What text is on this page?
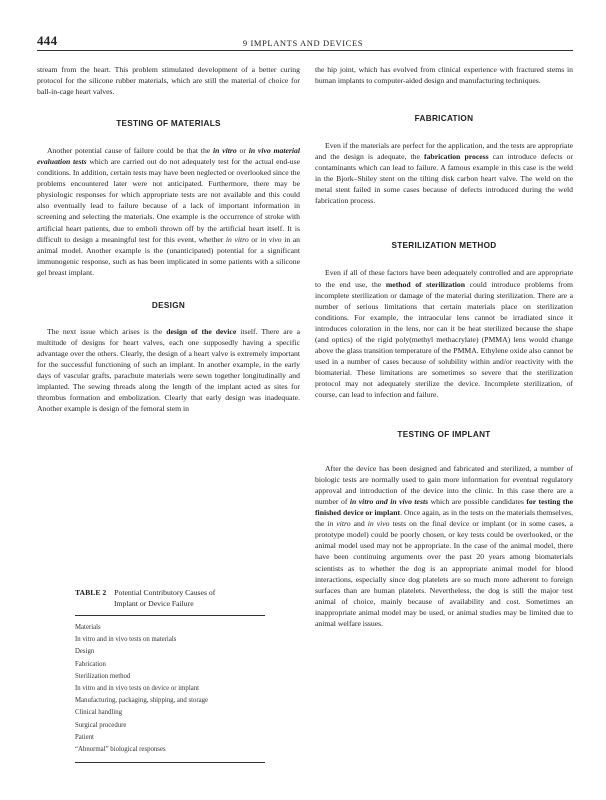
444	9 IMPLANTS AND DEVICES

stream from the heart. This problem stimulated development of a better curing protocol for the silicone rubber materials, which are still the material of choice for ball-in-cage heart valves.

TESTING OF MATERIALS

Another potential cause of failure could be that the in vitro or in vivo material evaluation tests which are carried out do not adequately test for the actual end-use conditions. In addition, certain tests may have been neglected or overlooked since the problems encountered later were not anticipated. Furthermore, there may be physiologic responses for which appropriate tests are not available and this could also eventually lead to failure because of a lack of important information in screening and selecting the materials. One example is the occurrence of stroke with artificial heart patients, due to emboli thrown off by the artificial heart itself. It is difficult to design a meaningful test for this event, whether in vitro or in vivo in an animal model. Another example is the (unanticipated) potential for a significant immunogenic response, such as has been implicated in some patients with a silicone gel breast implant.

DESIGN

The next issue which arises is the design of the device itself. There are a multitude of designs for heart valves, each one supposedly having a specific advantage over the others. Clearly, the design of a heart valve is extremely important for the successful functioning of such an implant. In another example, in the early days of vascular grafts, parachute materials were sewn together longitudinally and implanted. The sewing threads along the length of the implant acted as sites for thrombus formation and embolization. Clearly that early design was inadequate. Another example is design of the femoral stem in

TABLE 2 Potential Contributory Causes of
Implant or Device Failure
Materials
In vitro and in vivo tests on materials
Design
Fabrication
Sterilization method
In vitro and in vivo tests on device or implant
Manufacturing, packaging, shipping, and storage
Clinical handling
Surgical procedure
Patient
“Abnormal” biological responses

the hip joint, which has evolved from clinical experience with fractured stems in human implants to computer-aided design and manufacturing techniques.

FABRICATION

Even if the materials are perfect for the application, and the tests are appropriate and the design is adequate, the fabrication process can introduce defects or contaminants which can lead to failure. A famous example in this case is the weld in the Bjork–Shiley stent on the tilting disk carbon heart valve. The weld on the metal stent failed in some cases because of defects introduced during the weld fabrication process.

STERILIZATION METHOD

Even if all of these factors have been adequately controlled and are appropriate to the end use, the method of sterilization could introduce problems from incomplete sterilization or damage of the material during sterilization. There are a number of serious limitations that certain materials place on sterilization conditions. For example, the intraocular lens cannot be irradiated since it introduces coloration in the lens, nor can it be heat sterilized because the shape (and optics) of the rigid poly(methyl methacrylate) (PMMA) lens would change above the glass transition temperature of the PMMA. Ethylene oxide also cannot be used in a number of cases because of solubility within and/or reactivity with the biomaterial. These limitations are sometimes so severe that the sterilization protocol may not adequately sterilize the device. Incomplete sterilization, of course, can lead to infection and failure.

TESTING OF IMPLANT

After the device has been designed and fabricated and sterilized, a number of biologic tests are normally used to gain more information for eventual regulatory approval and introduction of the device into the clinic. In this case there are a number of in vitro and in vivo tests which are possible candidates for testing the finished device or implant. Once again, as in the tests on the materials themselves, the in vitro and in vivo tests on the final device or implant (or in some cases, a prototype model) could be poorly chosen, or key tests could be overlooked, or the animal model used may not be appropriate. In the case of the animal model, there have been continuing arguments over the past 20 years among biomaterials scientists as to whether the dog is an appropriate animal model for blood interactions, especially since dog platelets are so much more adherent to foreign surfaces than are human platelets. Nevertheless, the dog is still the major test animal of choice, mainly because of availability and cost. Sometimes an inappropriate animal model may be used, or animal studies may be limited due to animal welfare issues.
